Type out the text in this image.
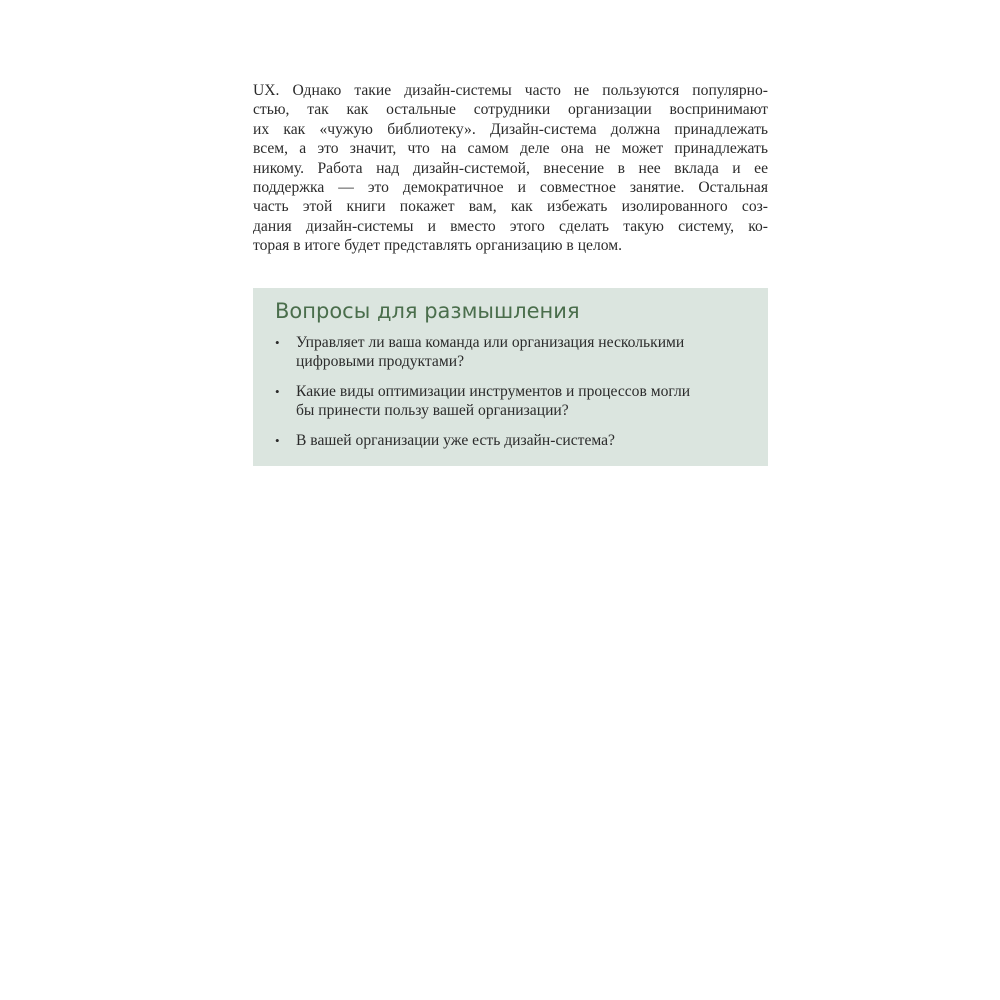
UX. Однако такие дизайн-системы часто не пользуются популярно-
стью, так как остальные сотрудники организации воспринимают
их как «чужую библиотеку». Дизайн-система должна принадлежать
всем, а это значит, что на самом деле она не может принадлежать
никому. Работа над дизайн-системой, внесение в нее вклада и ее
поддержка — это демократичное и совместное занятие. Остальная
часть этой книги покажет вам, как избежать изолированного соз-
дания дизайн-системы и вместо этого сделать такую систему, ко-
торая в итоге будет представлять организацию в целом.
Вопросы для размышления
• Управляет ли ваша команда или организация несколькими
цифровыми продуктами?
• Какие виды оптимизации инструментов и процессов могли
бы принести пользу вашей организации?
• В вашей организации уже есть дизайн-система?
